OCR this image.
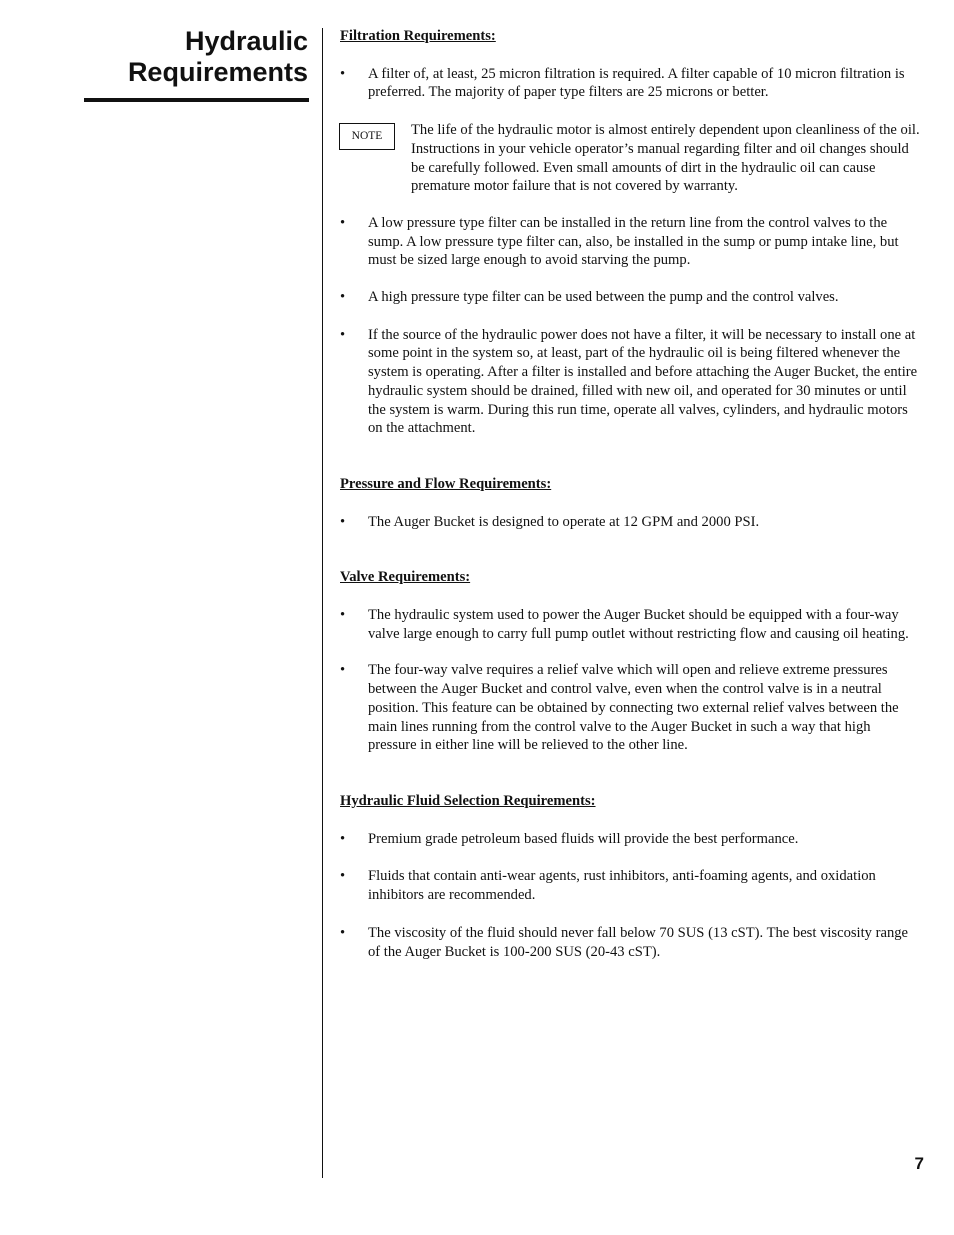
Hydraulic
Requirements

Filtration Requirements:

• A filter of, at least, 25 micron filtration is required. A filter capable of 10 micron filtration is preferred. The majority of paper type filters are 25 microns or better.

NOTE	The life of the hydraulic motor is almost entirely dependent upon cleanliness of the oil. Instructions in your vehicle operator’s manual regarding filter and oil changes should be carefully followed. Even small amounts of dirt in the hydraulic oil can cause premature motor failure that is not covered by warranty.

• A low pressure type filter can be installed in the return line from the control valves to the sump. A low pressure type filter can, also, be installed in the sump or pump intake line, but must be sized large enough to avoid starving the pump.

• A high pressure type filter can be used between the pump and the control valves.

• If the source of the hydraulic power does not have a filter, it will be necessary to install one at some point in the system so, at least, part of the hydraulic oil is being filtered whenever the system is operating. After a filter is installed and before attaching the Auger Bucket, the entire hydraulic system should be drained, filled with new oil, and operated for 30 minutes or until the system is warm. During this run time, operate all valves, cylinders, and hydraulic motors on the attachment.

Pressure and Flow Requirements:

• The Auger Bucket is designed to operate at 12 GPM and 2000 PSI.

Valve Requirements:

• The hydraulic system used to power the Auger Bucket should be equipped with a four-way valve large enough to carry full pump outlet without restricting flow and causing oil heating.

• The four-way valve requires a relief valve which will open and relieve extreme pressures between the Auger Bucket and control valve, even when the control valve is in a neutral position. This feature can be obtained by connecting two external relief valves between the main lines running from the control valve to the Auger Bucket in such a way that high pressure in either line will be relieved to the other line.

Hydraulic Fluid Selection Requirements:

• Premium grade petroleum based fluids will provide the best performance.

• Fluids that contain anti-wear agents, rust inhibitors, anti-foaming agents, and oxidation inhibitors are recommended.

• The viscosity of the fluid should never fall below 70 SUS (13 cST). The best viscosity range of the Auger Bucket is 100-200 SUS (20-43 cST).

7
